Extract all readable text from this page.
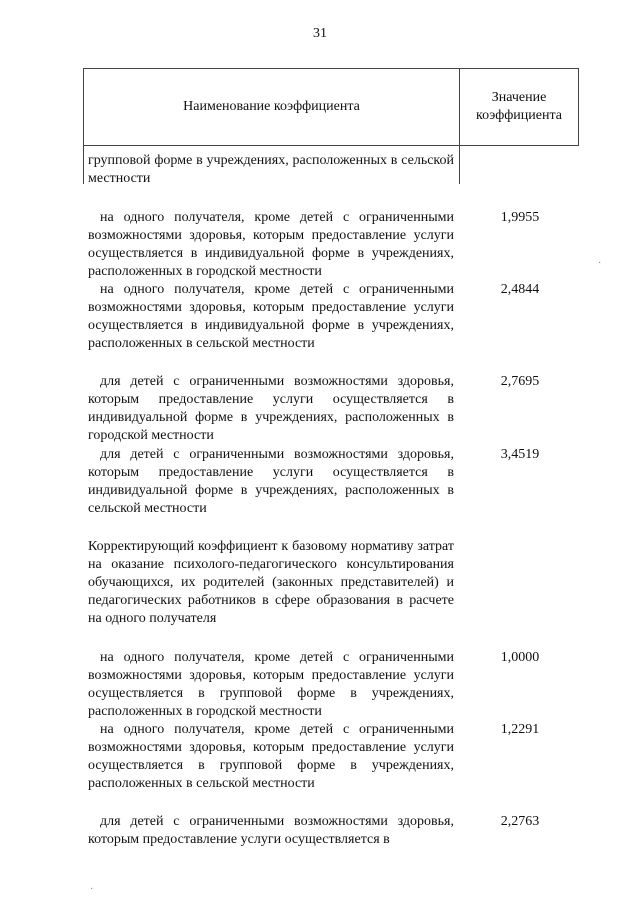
31
Наименование коэффициента
Значение коэффициента

групповой форме в учреждениях, расположенных в сельской местности

на одного получателя, кроме детей с ограниченными возможностями здоровья, которым предоставление услуги осуществляется в индивидуальной форме в учреждениях, расположенных в городской местности

1,9955

на одного получателя, кроме детей с ограниченными возможностями здоровья, которым предоставление услуги осуществляется в индивидуальной форме в учреждениях, расположенных в сельской местности

2,4844

для детей с ограниченными возможностями здоровья, которым предоставление услуги осуществляется в индивидуальной форме в учреждениях, расположенных в городской местности

2,7695

для детей с ограниченными возможностями здоровья, которым предоставление услуги осуществляется в индивидуальной форме в учреждениях, расположенных в сельской местности

3,4519

Корректирующий коэффициент к базовому нормативу затрат на оказание психолого-педагогического консультирования обучающихся, их родителей (законных представителей) и педагогических работников в сфере образования в расчете на одного получателя

на одного получателя, кроме детей с ограниченными возможностями здоровья, которым предоставление услуги осуществляется в групповой форме в учреждениях, расположенных в городской местности

1,0000

на одного получателя, кроме детей с ограниченными возможностями здоровья, которым предоставление услуги осуществляется в групповой форме в учреждениях, расположенных в сельской местности

1,2291

для детей с ограниченными возможностями здоровья, которым предоставление услуги осуществляется в

2,2763
·
·
